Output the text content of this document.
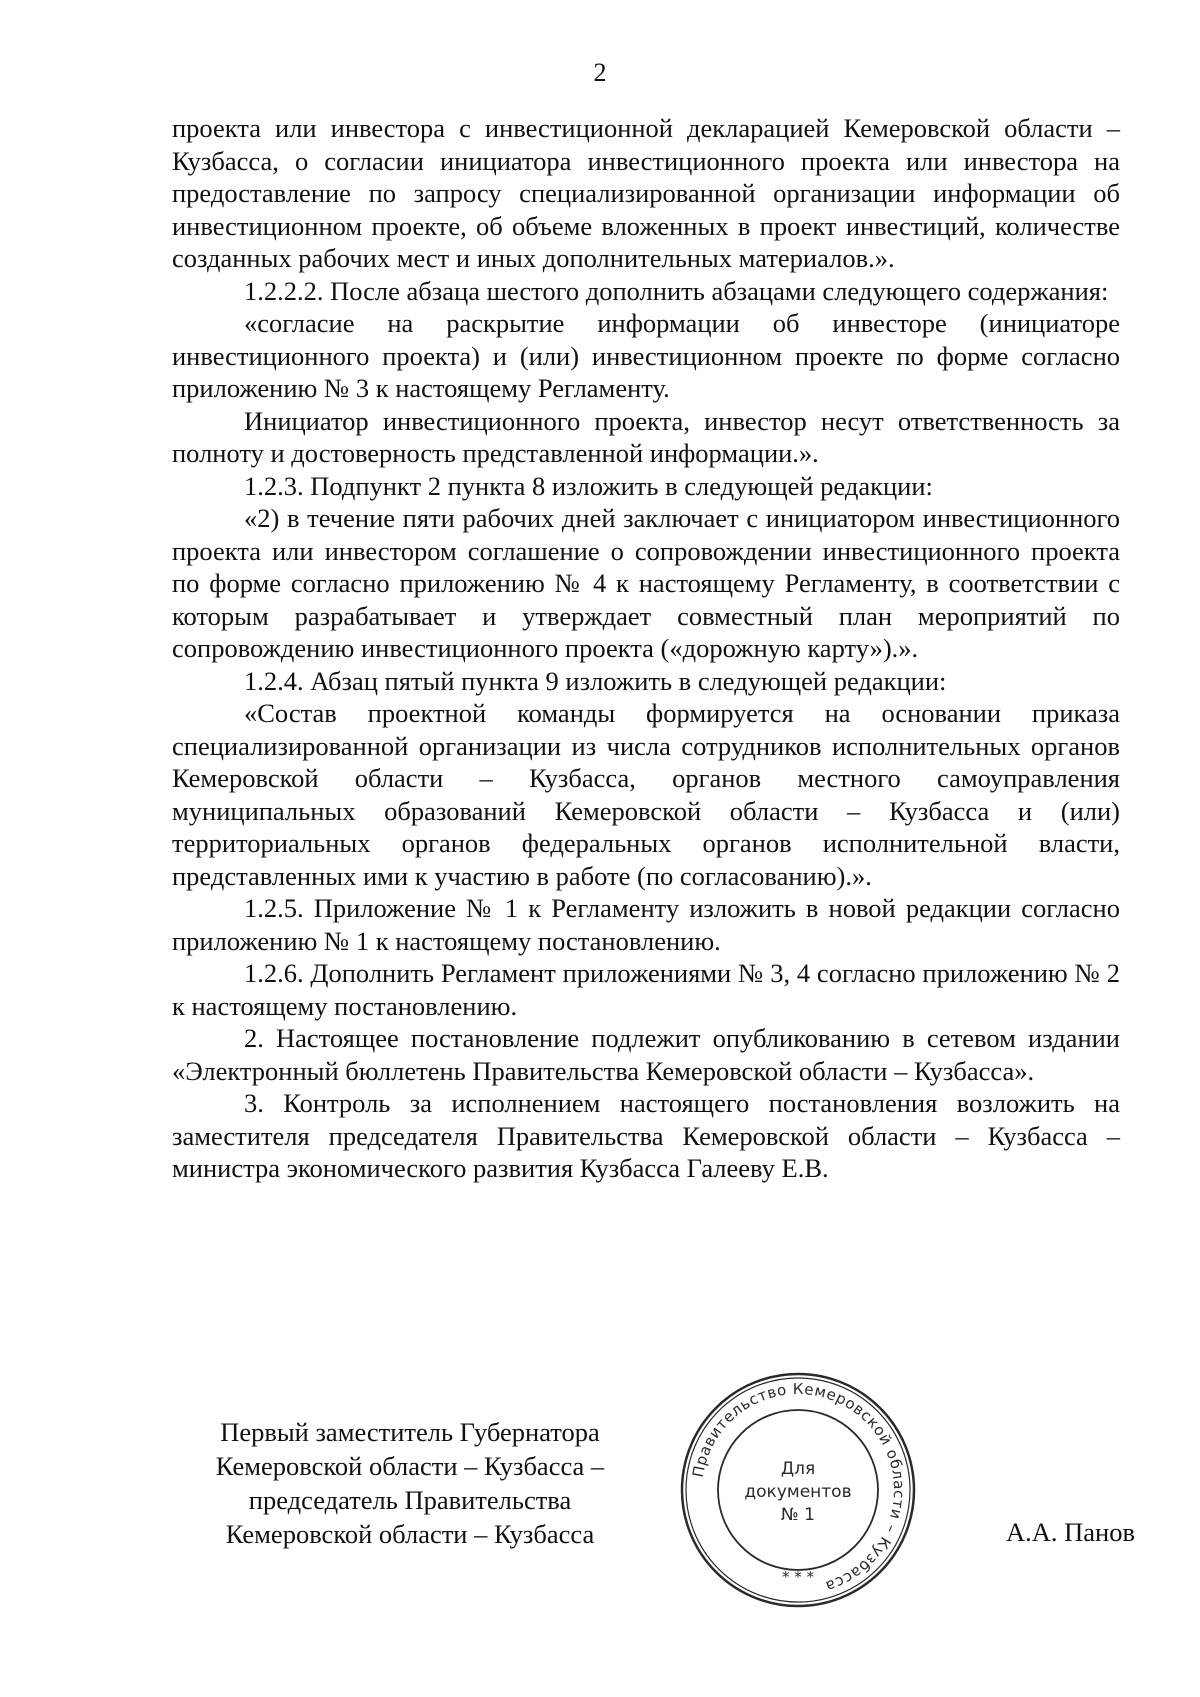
2

проекта или инвестора с инвестиционной декларацией Кемеровской области – Кузбасса, о согласии инициатора инвестиционного проекта или инвестора на предоставление по запросу специализированной организации информации об инвестиционном проекте, об объеме вложенных в проект инвестиций, количестве созданных рабочих мест и иных дополнительных материалов.».

1.2.2.2. После абзаца шестого дополнить абзацами следующего содержания:

«согласие на раскрытие информации об инвесторе (инициаторе инвестиционного проекта) и (или) инвестиционном проекте по форме согласно приложению № 3 к настоящему Регламенту.

Инициатор инвестиционного проекта, инвестор несут ответственность за полноту и достоверность представленной информации.».

1.2.3. Подпункт 2 пункта 8 изложить в следующей редакции:

«2) в течение пяти рабочих дней заключает с инициатором инвестиционного проекта или инвестором соглашение о сопровождении инвестиционного проекта по форме согласно приложению № 4 к настоящему Регламенту, в соответствии с которым разрабатывает и утверждает совместный план мероприятий по сопровождению инвестиционного проекта («дорожную карту»).».

1.2.4. Абзац пятый пункта 9 изложить в следующей редакции:

«Состав проектной команды формируется на основании приказа специализированной организации из числа сотрудников исполнительных органов Кемеровской области – Кузбасса, органов местного самоуправления муниципальных образований Кемеровской области – Кузбасса и (или) территориальных органов федеральных органов исполнительной власти, представленных ими к участию в работе (по согласованию).».

1.2.5. Приложение № 1 к Регламенту изложить в новой редакции согласно приложению № 1 к настоящему постановлению.

1.2.6. Дополнить Регламент приложениями № 3, 4 согласно приложению № 2 к настоящему постановлению.

2. Настоящее постановление подлежит опубликованию в сетевом издании «Электронный бюллетень Правительства Кемеровской области – Кузбасса».

3. Контроль за исполнением настоящего постановления возложить на заместителя председателя Правительства Кемеровской области – Кузбасса – министра экономического развития Кузбасса Галееву Е.В.

Первый заместитель Губернатора
Кемеровской области – Кузбасса –
председатель Правительства
Кемеровской области – Кузбасса
Правительство Кемеровской области – Кузбасса
* * *
Для
документов
№ 1
А.А. Панов
